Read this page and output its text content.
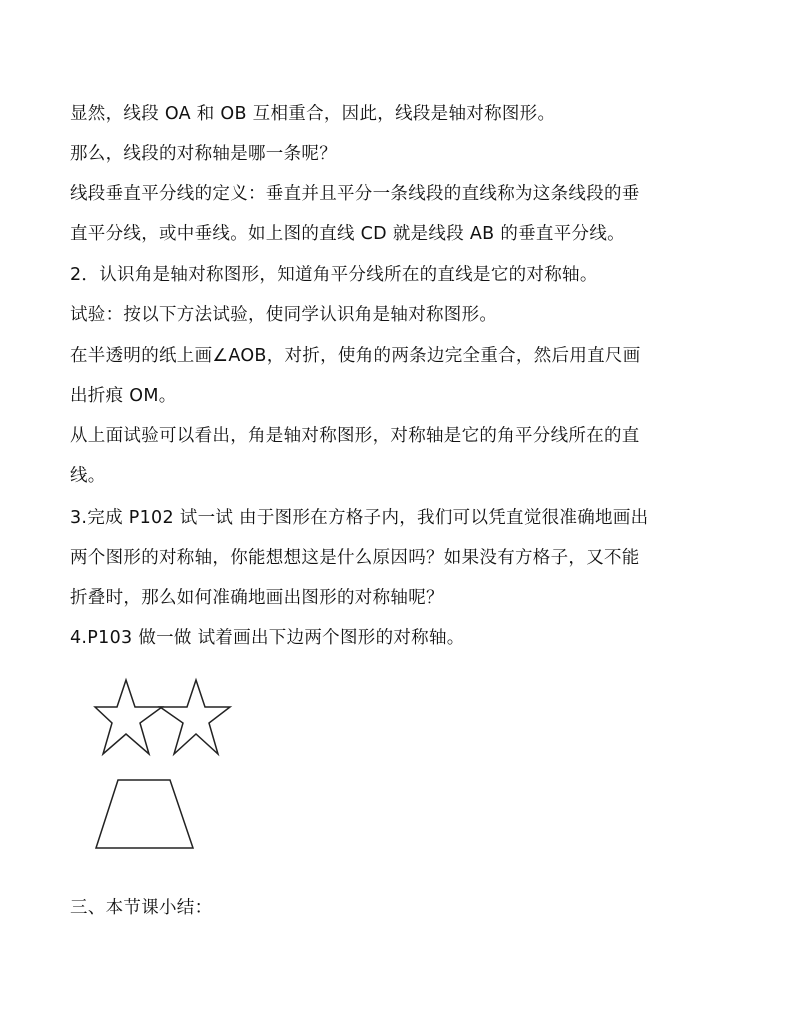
显然，线段 OA 和 OB 互相重合，因此，线段是轴对称图形。
那么，线段的对称轴是哪一条呢？
线段垂直平分线的定义：垂直并且平分一条线段的直线称为这条线段的垂
直平分线，或中垂线。如上图的直线 CD 就是线段 AB 的垂直平分线。
2．认识角是轴对称图形，知道角平分线所在的直线是它的对称轴。
试验：按以下方法试验，使同学认识角是轴对称图形。
在半透明的纸上画∠AOB，对折，使角的两条边完全重合，然后用直尺画
出折痕 OM。
从上面试验可以看出，角是轴对称图形，对称轴是它的角平分线所在的直
线。
3.完成 P102 试一试 由于图形在方格子内，我们可以凭直觉很准确地画出
两个图形的对称轴，你能想想这是什么原因吗？如果没有方格子，又不能
折叠时，那么如何准确地画出图形的对称轴呢？
4.P103 做一做 试着画出下边两个图形的对称轴。
三、本节课小结：
